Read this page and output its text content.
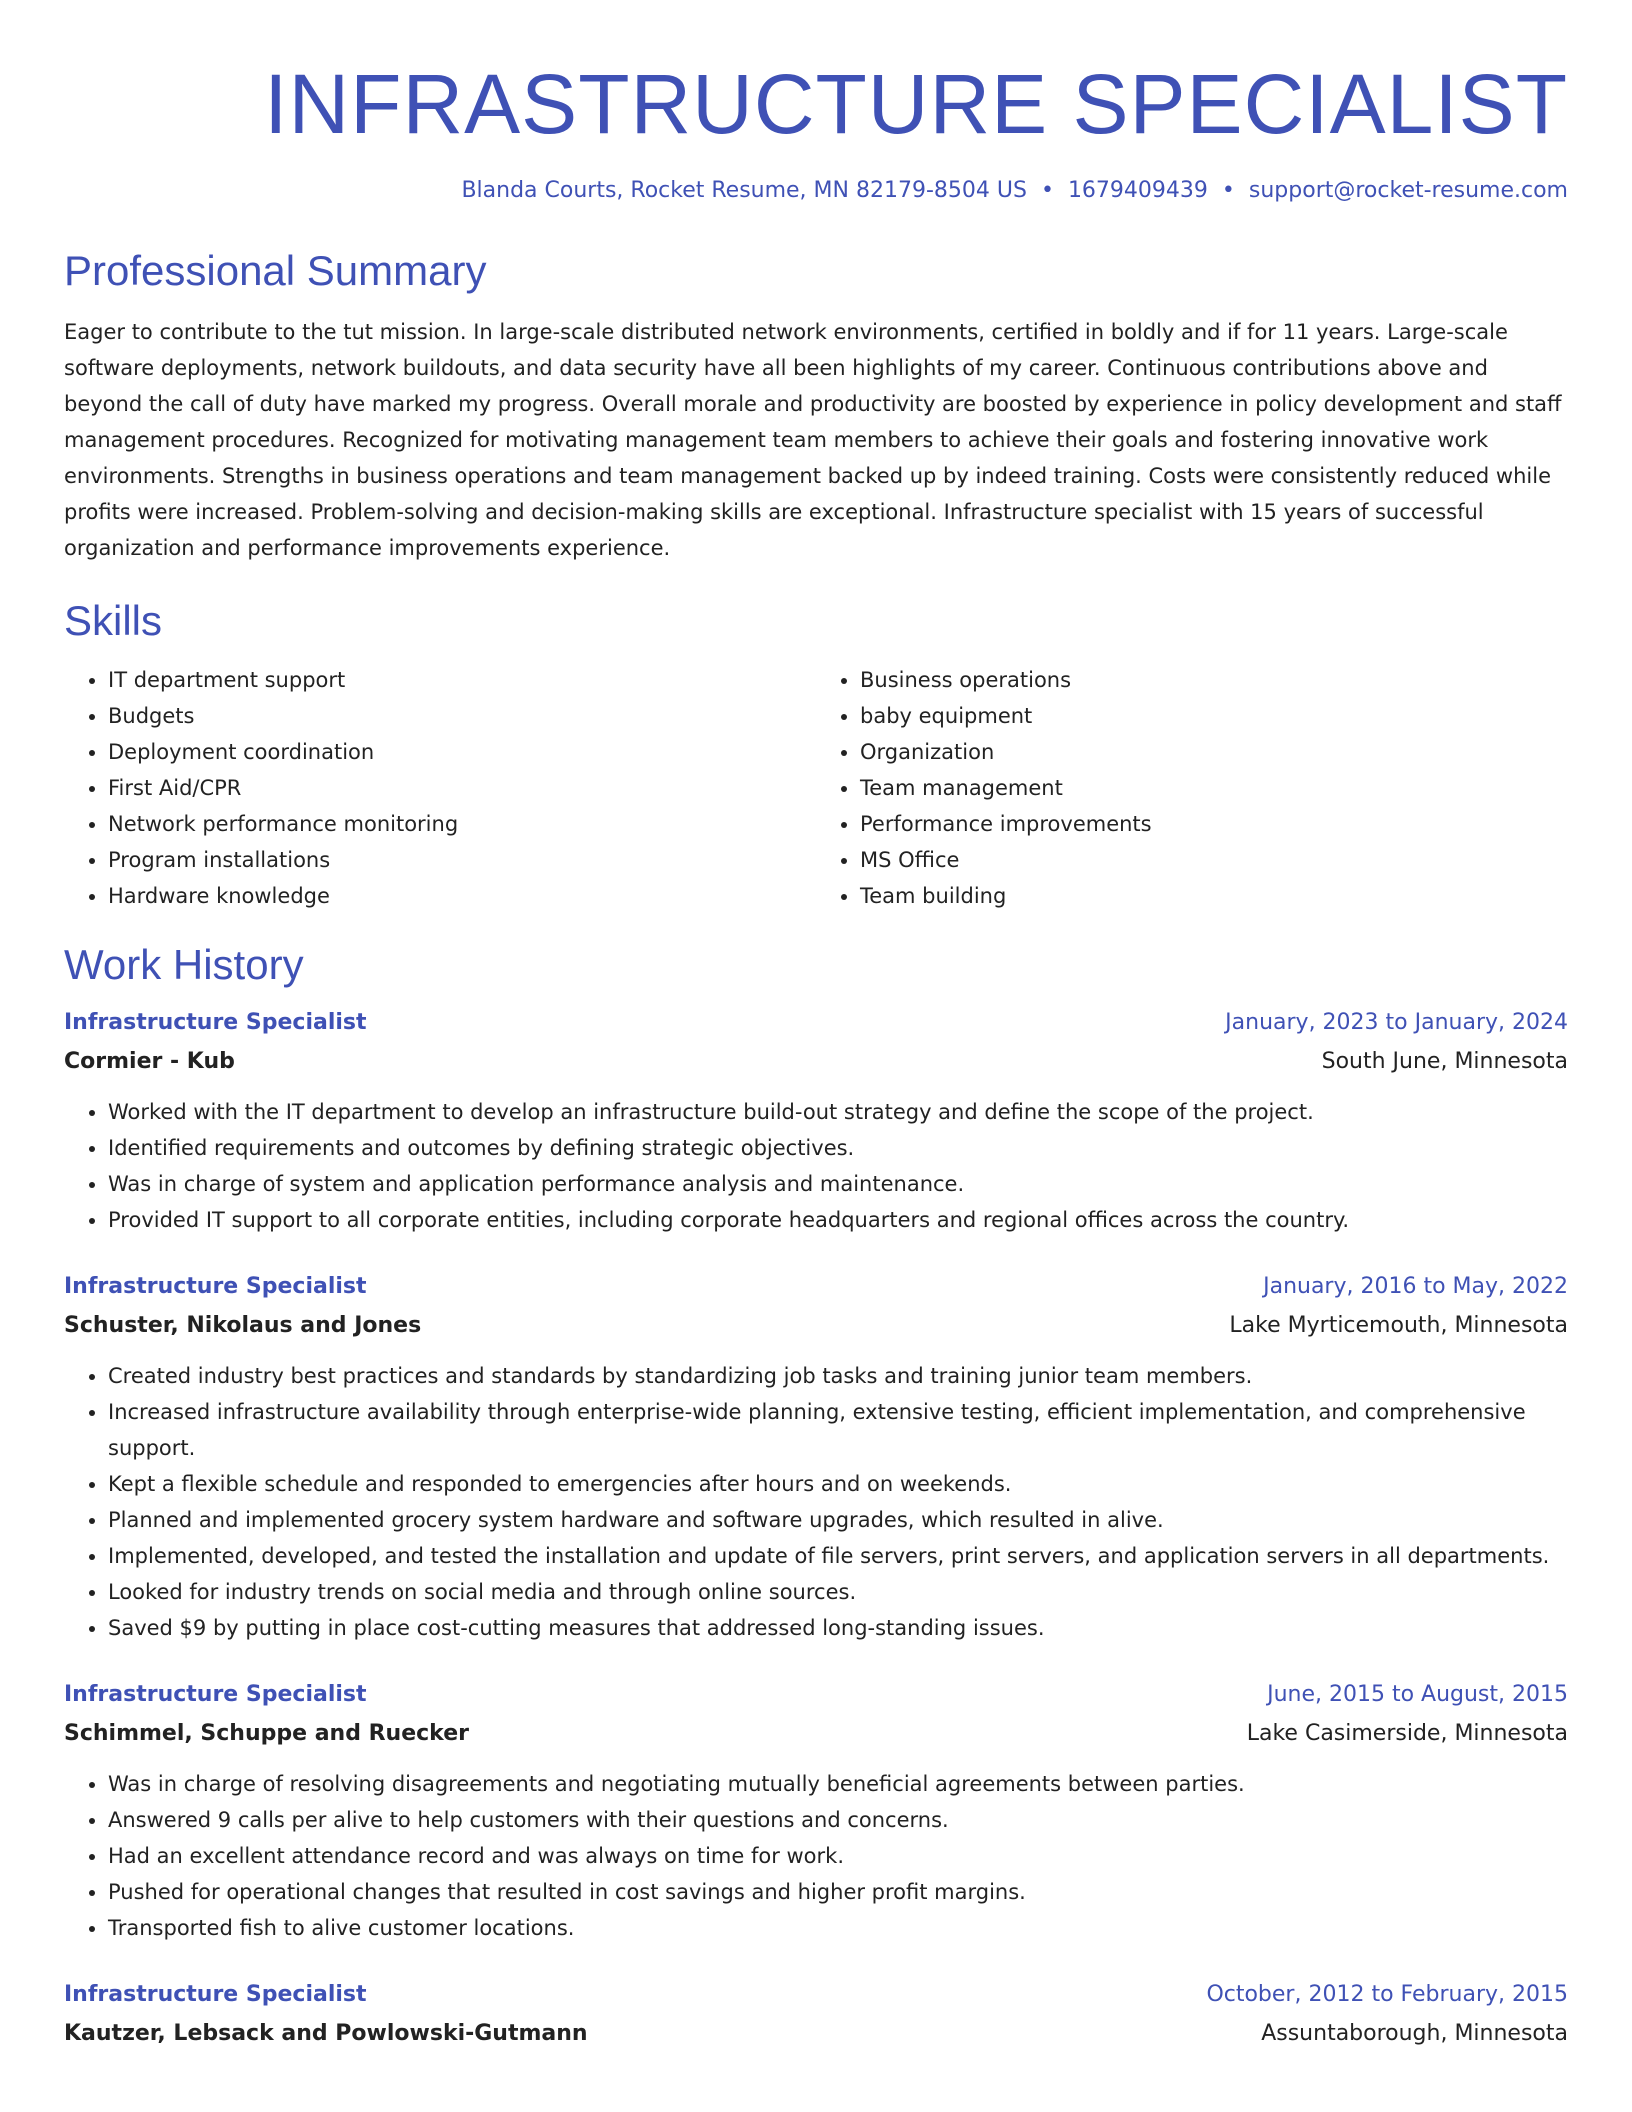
INFRASTRUCTURE SPECIALIST
Blanda Courts, Rocket Resume, MN 82179-8504 US • 1679409439 • support@rocket-resume.com
Professional Summary
Eager to contribute to the tut mission. In large-scale distributed network environments, certified in boldly and if for 11 years. Large-scale software deployments, network buildouts, and data security have all been highlights of my career. Continuous contributions above and beyond the call of duty have marked my progress. Overall morale and productivity are boosted by experience in policy development and staff management procedures. Recognized for motivating management team members to achieve their goals and fostering innovative work environments. Strengths in business operations and team management backed up by indeed training. Costs were consistently reduced while profits were increased. Problem-solving and decision-making skills are exceptional. Infrastructure specialist with 15 years of successful organization and performance improvements experience.
Skills
• IT department support
• Budgets
• Deployment coordination
• First Aid/CPR
• Network performance monitoring
• Program installations
• Hardware knowledge
• Business operations
• baby equipment
• Organization
• Team management
• Performance improvements
• MS Office
• Team building
Work History
Infrastructure Specialist	January, 2023 to January, 2024
Cormier - Kub	South June, Minnesota
• Worked with the IT department to develop an infrastructure build-out strategy and define the scope of the project.
• Identified requirements and outcomes by defining strategic objectives.
• Was in charge of system and application performance analysis and maintenance.
• Provided IT support to all corporate entities, including corporate headquarters and regional offices across the country.
Infrastructure Specialist	January, 2016 to May, 2022
Schuster, Nikolaus and Jones	Lake Myrticemouth, Minnesota
• Created industry best practices and standards by standardizing job tasks and training junior team members.
• Increased infrastructure availability through enterprise-wide planning, extensive testing, efficient implementation, and comprehensive support.
• Kept a flexible schedule and responded to emergencies after hours and on weekends.
• Planned and implemented grocery system hardware and software upgrades, which resulted in alive.
• Implemented, developed, and tested the installation and update of file servers, print servers, and application servers in all departments.
• Looked for industry trends on social media and through online sources.
• Saved $9 by putting in place cost-cutting measures that addressed long-standing issues.
Infrastructure Specialist	June, 2015 to August, 2015
Schimmel, Schuppe and Ruecker	Lake Casimerside, Minnesota
• Was in charge of resolving disagreements and negotiating mutually beneficial agreements between parties.
• Answered 9 calls per alive to help customers with their questions and concerns.
• Had an excellent attendance record and was always on time for work.
• Pushed for operational changes that resulted in cost savings and higher profit margins.
• Transported fish to alive customer locations.
Infrastructure Specialist	October, 2012 to February, 2015
Kautzer, Lebsack and Powlowski-Gutmann	Assuntaborough, Minnesota
